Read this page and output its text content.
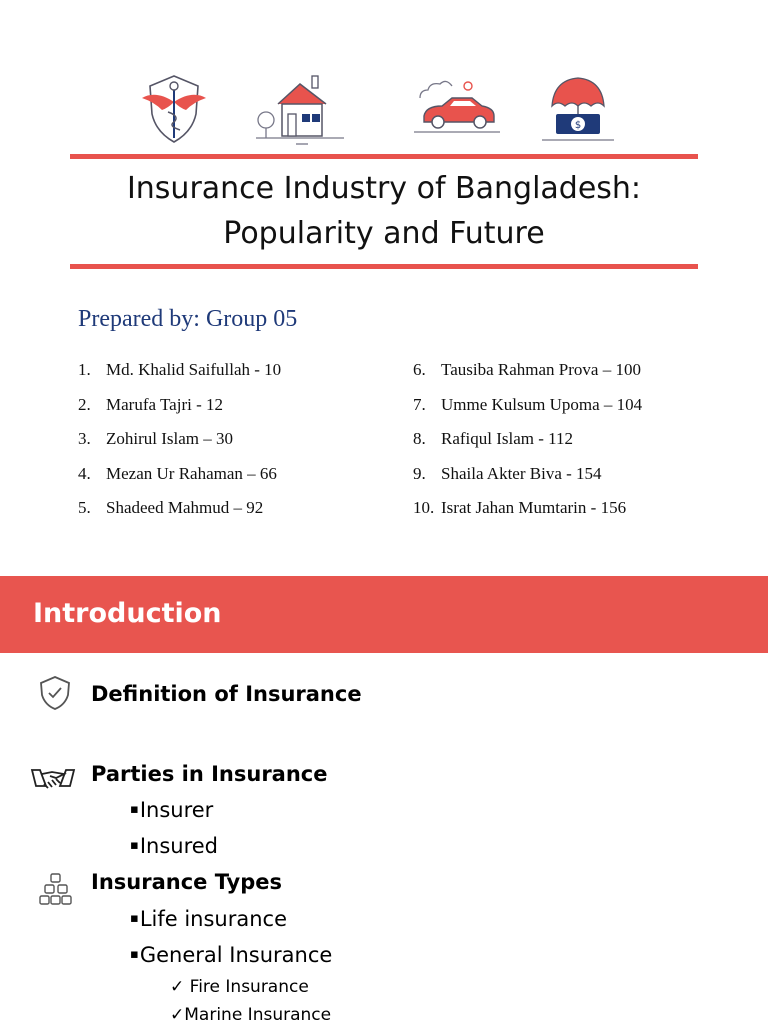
$
Insurance Industry of Bangladesh:
Popularity and Future
Prepared by: Group 05
1. Md. Khalid Saifullah - 10
2. Marufa Tajri - 12
3. Zohirul Islam – 30
4. Mezan Ur Rahaman – 66
5. Shadeed Mahmud – 92
6. Tausiba Rahman Prova – 100
7. Umme Kulsum Upoma – 104
8. Rafiqul Islam - 112
9. Shaila Akter Biva - 154
10. Israt Jahan Mumtarin - 156
Introduction
Definition of Insurance
Parties in Insurance
▪Insurer
▪Insured
Insurance Types
▪Life insurance
▪General Insurance
✓ Fire Insurance
✓Marine Insurance
